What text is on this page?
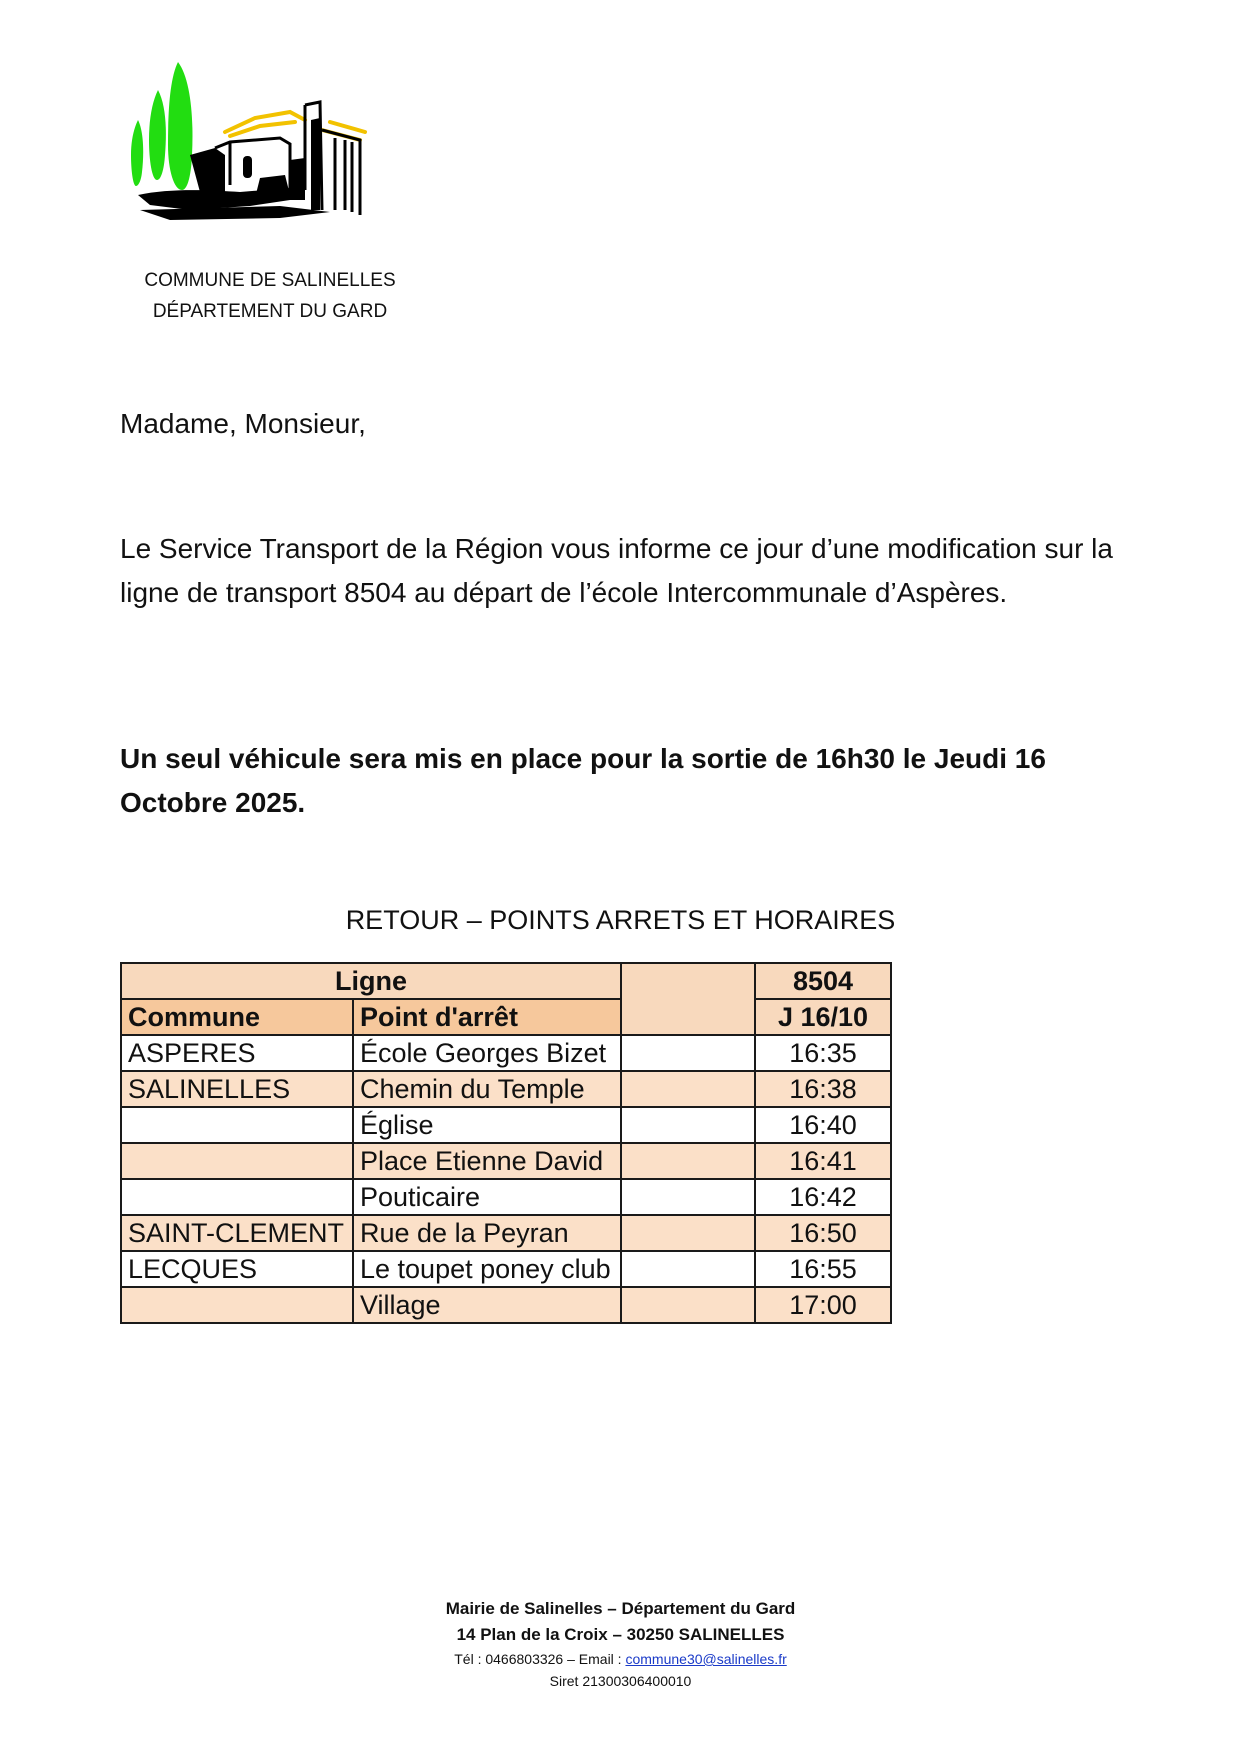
COMMUNE DE SALINELLES
DÉPARTEMENT DU GARD
Madame, Monsieur,
Le Service Transport de la Région vous informe ce jour d’une modification sur la ligne de transport 8504 au départ de l’école Intercommunale d’Aspères.
Un seul véhicule sera mis en place pour la sortie de 16h30 le Jeudi 16 Octobre 2025.
RETOUR – POINTS ARRETS ET HORAIRES
Ligne			8504
Commune	Point d'arrêt		J 16/10
ASPERES	École Georges Bizet		16:35
SALINELLES	Chemin du Temple		16:38
	Église		16:40
	Place Etienne David		16:41
	Pouticaire		16:42
SAINT-CLEMENT	Rue de la Peyran		16:50
LECQUES	Le toupet poney club		16:55
	Village		17:00
Mairie de Salinelles – Département du Gard
14 Plan de la Croix – 30250 SALINELLES
Tél : 0466803326 – Email : commune30@salinelles.fr
Siret 21300306400010
